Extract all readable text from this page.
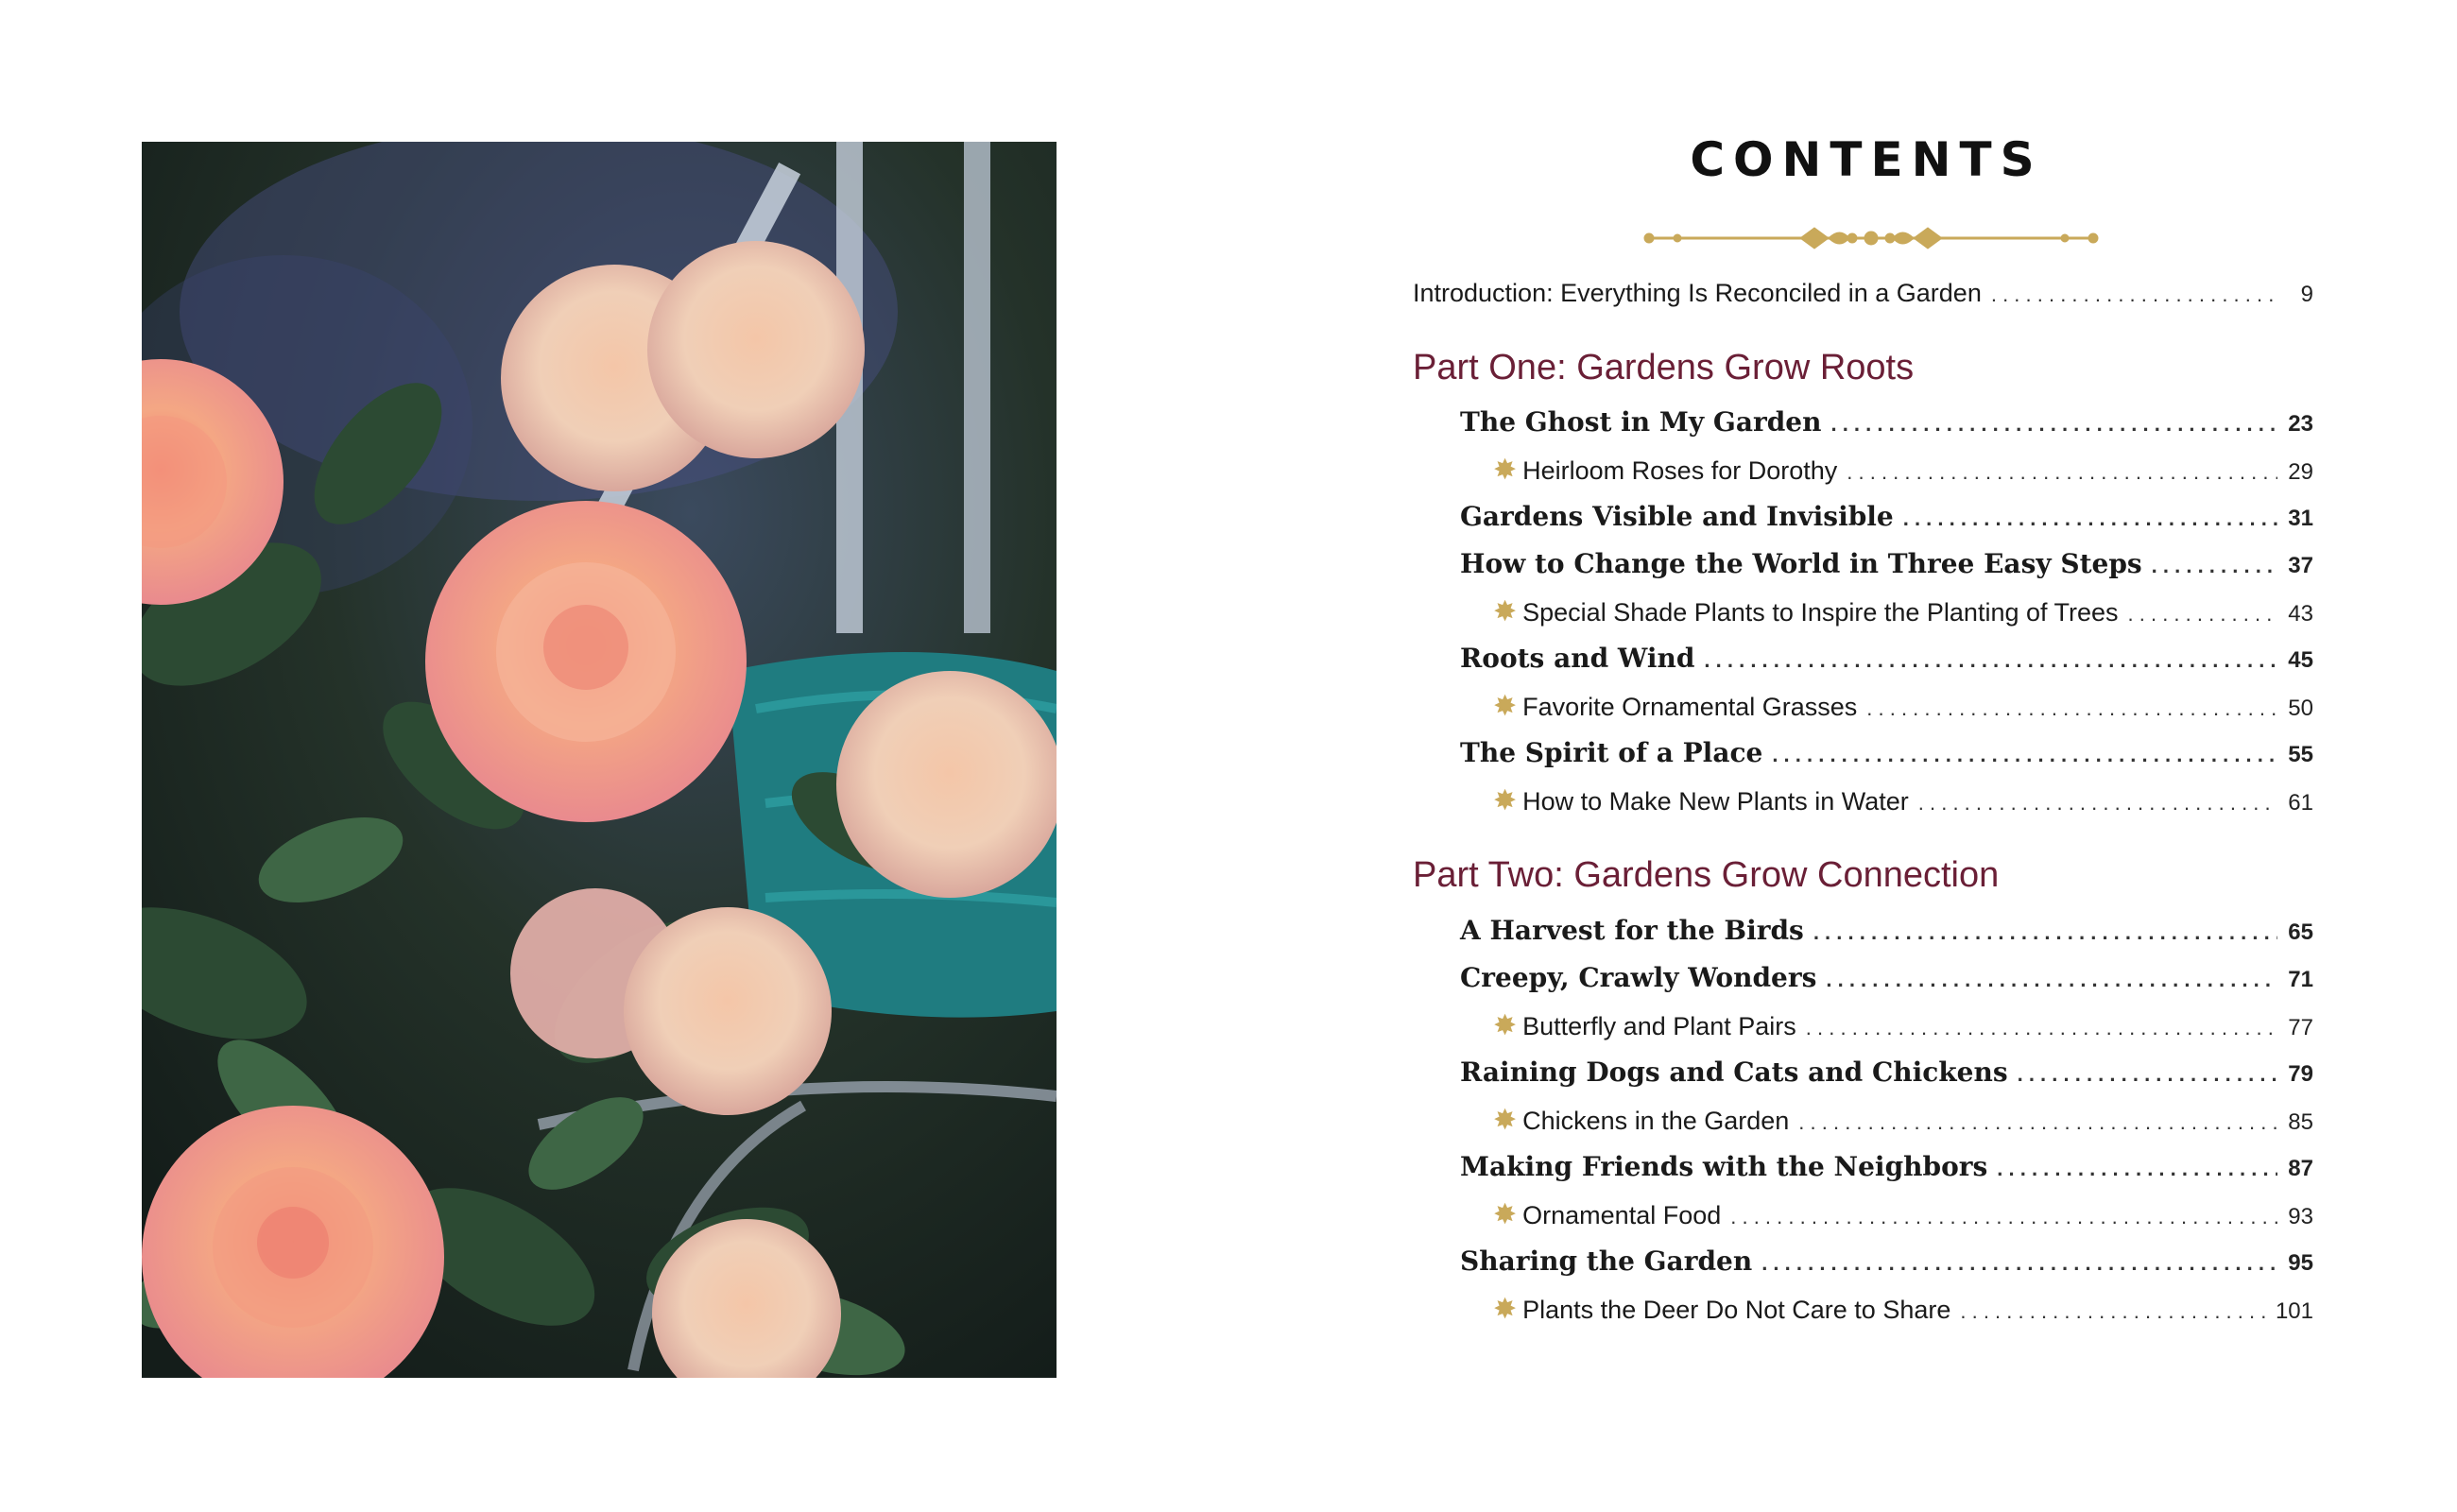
CONTENTS
Introduction: Everything Is Reconciled in a Garden . . .	9
Part One: Gardens Grow Roots
The Ghost in My Garden . . .	23
✸ Heirloom Roses for Dorothy . . .	29
Gardens Visible and Invisible . . .	31
How to Change the World in Three Easy Steps . . .	37
✸ Special Shade Plants to Inspire the Planting of Trees . . .	43
Roots and Wind . . .	45
✸ Favorite Ornamental Grasses . . .	50
The Spirit of a Place . . .	55
✸ How to Make New Plants in Water . . .	61
Part Two: Gardens Grow Connection
A Harvest for the Birds . . .	65
Creepy, Crawly Wonders . . .	71
✸ Butterfly and Plant Pairs . . .	77
Raining Dogs and Cats and Chickens . . .	79
✸ Chickens in the Garden . . .	85
Making Friends with the Neighbors . . .	87
✸ Ornamental Food . . .	93
Sharing the Garden . . .	95
✸ Plants the Deer Do Not Care to Share . . .	101
